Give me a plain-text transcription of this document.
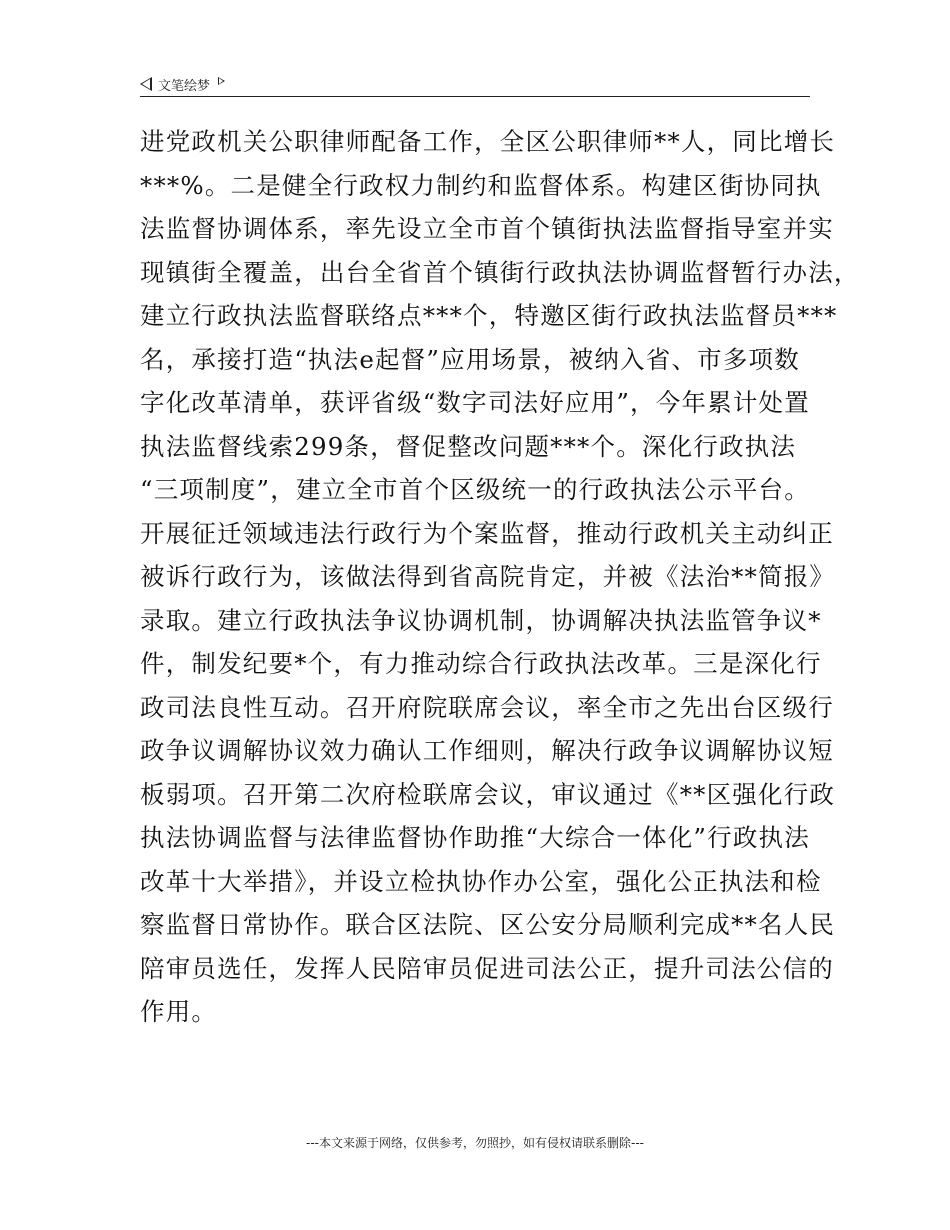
文笔绘梦
进党政机关公职律师配备工作，全区公职律师**人，同比增长
***%。二是健全行政权力制约和监督体系。构建区街协同执
法监督协调体系，率先设立全市首个镇街执法监督指导室并实
现镇街全覆盖，出台全省首个镇街行政执法协调监督暂行办法，
建立行政执法监督联络点***个，特邀区街行政执法监督员***
名，承接打造“执法e起督”应用场景，被纳入省、市多项数
字化改革清单，获评省级“数字司法好应用”，今年累计处置
执法监督线索299条，督促整改问题***个。深化行政执法
“三项制度”，建立全市首个区级统一的行政执法公示平台。
开展征迁领域违法行政行为个案监督，推动行政机关主动纠正
被诉行政行为，该做法得到省高院肯定，并被《法治**简报》
录取。建立行政执法争议协调机制，协调解决执法监管争议*
件，制发纪要*个，有力推动综合行政执法改革。三是深化行
政司法良性互动。召开府院联席会议，率全市之先出台区级行
政争议调解协议效力确认工作细则，解决行政争议调解协议短
板弱项。召开第二次府检联席会议，审议通过《**区强化行政
执法协调监督与法律监督协作助推“大综合一体化”行政执法
改革十大举措》，并设立检执协作办公室，强化公正执法和检
察监督日常协作。联合区法院、区公安分局顺利完成**名人民
陪审员选任，发挥人民陪审员促进司法公正，提升司法公信的
作用。
---本文来源于网络，仅供参考，勿照抄，如有侵权请联系删除---
